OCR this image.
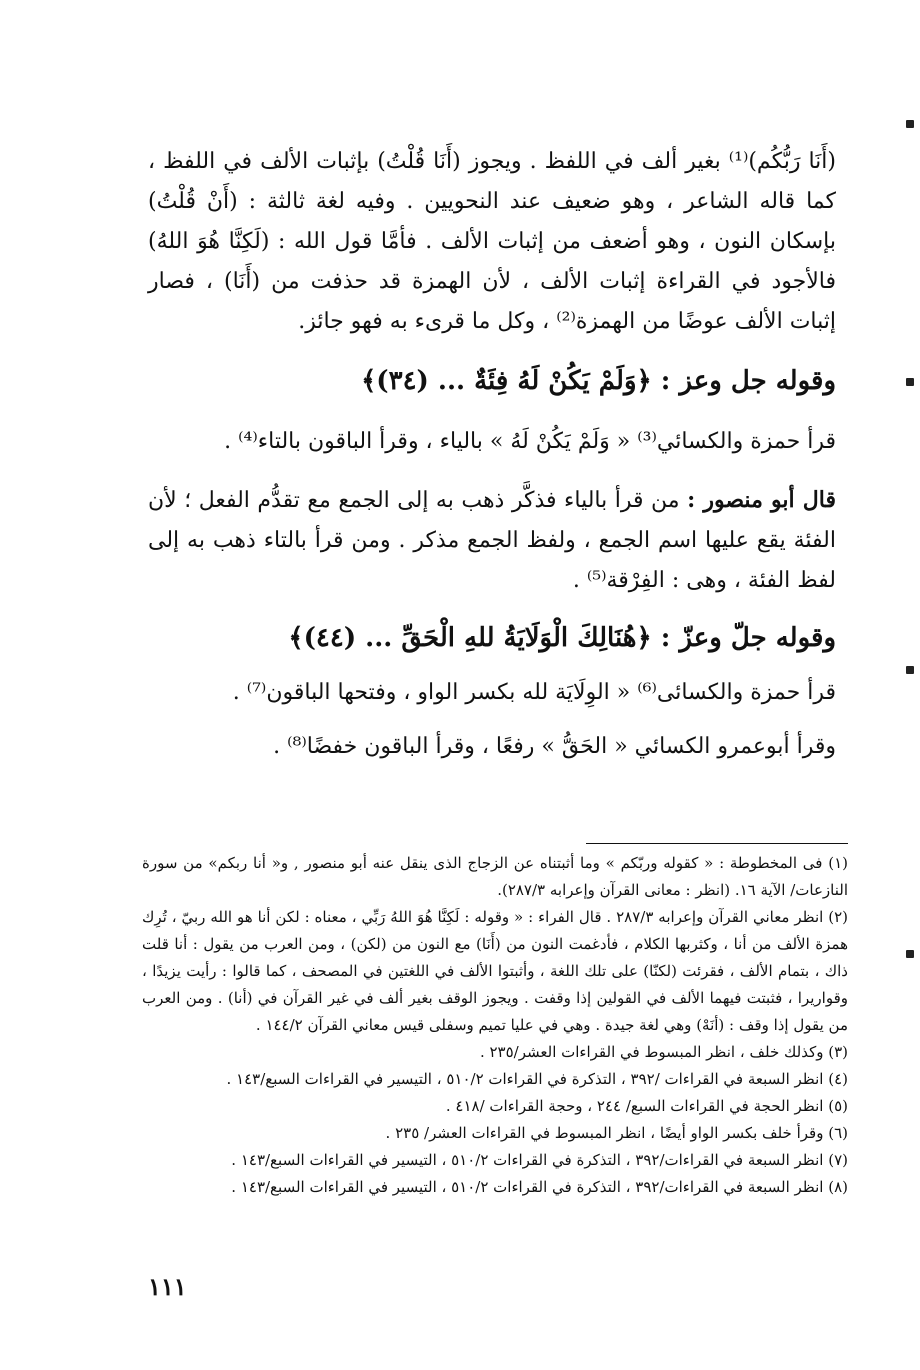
(أَنَا رَبُّكُم)⁽¹⁾ بغير ألف في اللفظ . ويجوز (أَنَا قُلْتُ) بإثبات الألف في اللفظ ، كما قاله الشاعر ، وهو ضعيف عند النحويين . وفيه لغة ثالثة : (أَنْ قُلْتُ) بإسكان النون ، وهو أضعف من إثبات الألف . فأمَّا قول الله : (لَكِنَّا هُوَ اللهُ) فالأجود في القراءة إثبات الألف ، لأن الهمزة قد حذفت من (أَنَا) ، فصار إثبات الألف عوضًا من الهمزة⁽²⁾ ، وكل ما قرىء به فهو جائز.

وقوله جل وعز : ﴿وَلَمْ يَكُنْ لَهُ فِئَةٌ ... (٣٤)﴾

قرأ حمزة والكسائي⁽³⁾ « وَلَمْ يَكُنْ لَهُ » بالياء ، وقرأ الباقون بالتاء⁽⁴⁾ .

قال أبو منصور : من قرأ بالياء فذكَّر ذهب به إلى الجمع مع تقدُّم الفعل ؛ لأن الفئة يقع عليها اسم الجمع ، ولفظ الجمع مذكر . ومن قرأ بالتاء ذهب به إلى لفظ الفئة ، وهى : الفِرْقة⁽⁵⁾ .

وقوله جلّ وعزّ : ﴿هُنَالِكَ الْوَلَايَةُ للهِ الْحَقِّ ... (٤٤)﴾

قرأ حمزة والكسائى⁽⁶⁾ « الوِلَايَة لله بكسر الواو ، وفتحها الباقون⁽⁷⁾ .

وقرأ أبوعمرو الكسائي « الحَقُّ » رفعًا ، وقرأ الباقون خفضًا⁽⁸⁾ .

(١) فى المخطوطة : « كقوله وربّكم » وما أثبتناه عن الزجاج الذى ينقل عنه أبو منصور , و« أنا ربكم» من سورة النازعات/ الآية ١٦. (انظر : معانى القرآن وإعرابه ٢٨٧/٣).

(٢) انظر معاني القرآن وإعرابه ٢٨٧/٣ . قال الفراء : « وقوله : لَكِنَّا هُوَ اللهُ رَبِّي ، معناه : لكن أنا هو الله ربيّ ، تُرِك همزة الألف من أنا ، وكثربها الكلام ، فأدغمت النون من (أَنَا) مع النون من (لكن) ، ومن العرب من يقول : أنا قلت ذاك ، بتمام الألف ، فقرئت (لكنّا) على تلك اللغة ، وأثبتوا الألف في اللغتين في المصحف ، كما قالوا : رأيت يزيدًا ، وقواريرا ، فثبتت فيهما الألف في القولين إذا وقفت . ويجوز الوقف بغير ألف في غير القرآن في (أنا) . ومن العرب من يقول إذا وقف : (أنَهْ) وهي لغة جيدة . وهي في عليا تميم وسفلى قيس معاني القرآن ١٤٤/٢ .

(٣) وكذلك خلف ، انظر المبسوط في القراءات العشر/٢٣٥ .

(٤) انظر السبعة في القراءات /٣٩٢ ، التذكرة في القراءات ٥١٠/٢ ، التيسير في القراءات السبع/١٤٣ .

(٥) انظر الحجة في القراءات السبع/ ٢٤٤ ، وحجة القراءات /٤١٨ .

(٦) وقرأ خلف بكسر الواو أيضًا ، انظر المبسوط في القراءات العشر/ ٢٣٥ .

(٧) انظر السبعة في القراءات/٣٩٢ ، التذكرة في القراءات ٥١٠/٢ ، التيسير في القراءات السبع/١٤٣ .

(٨) انظر السبعة في القراءات/٣٩٢ ، التذكرة في القراءات ٥١٠/٢ ، التيسير في القراءات السبع/١٤٣ .

١١١
